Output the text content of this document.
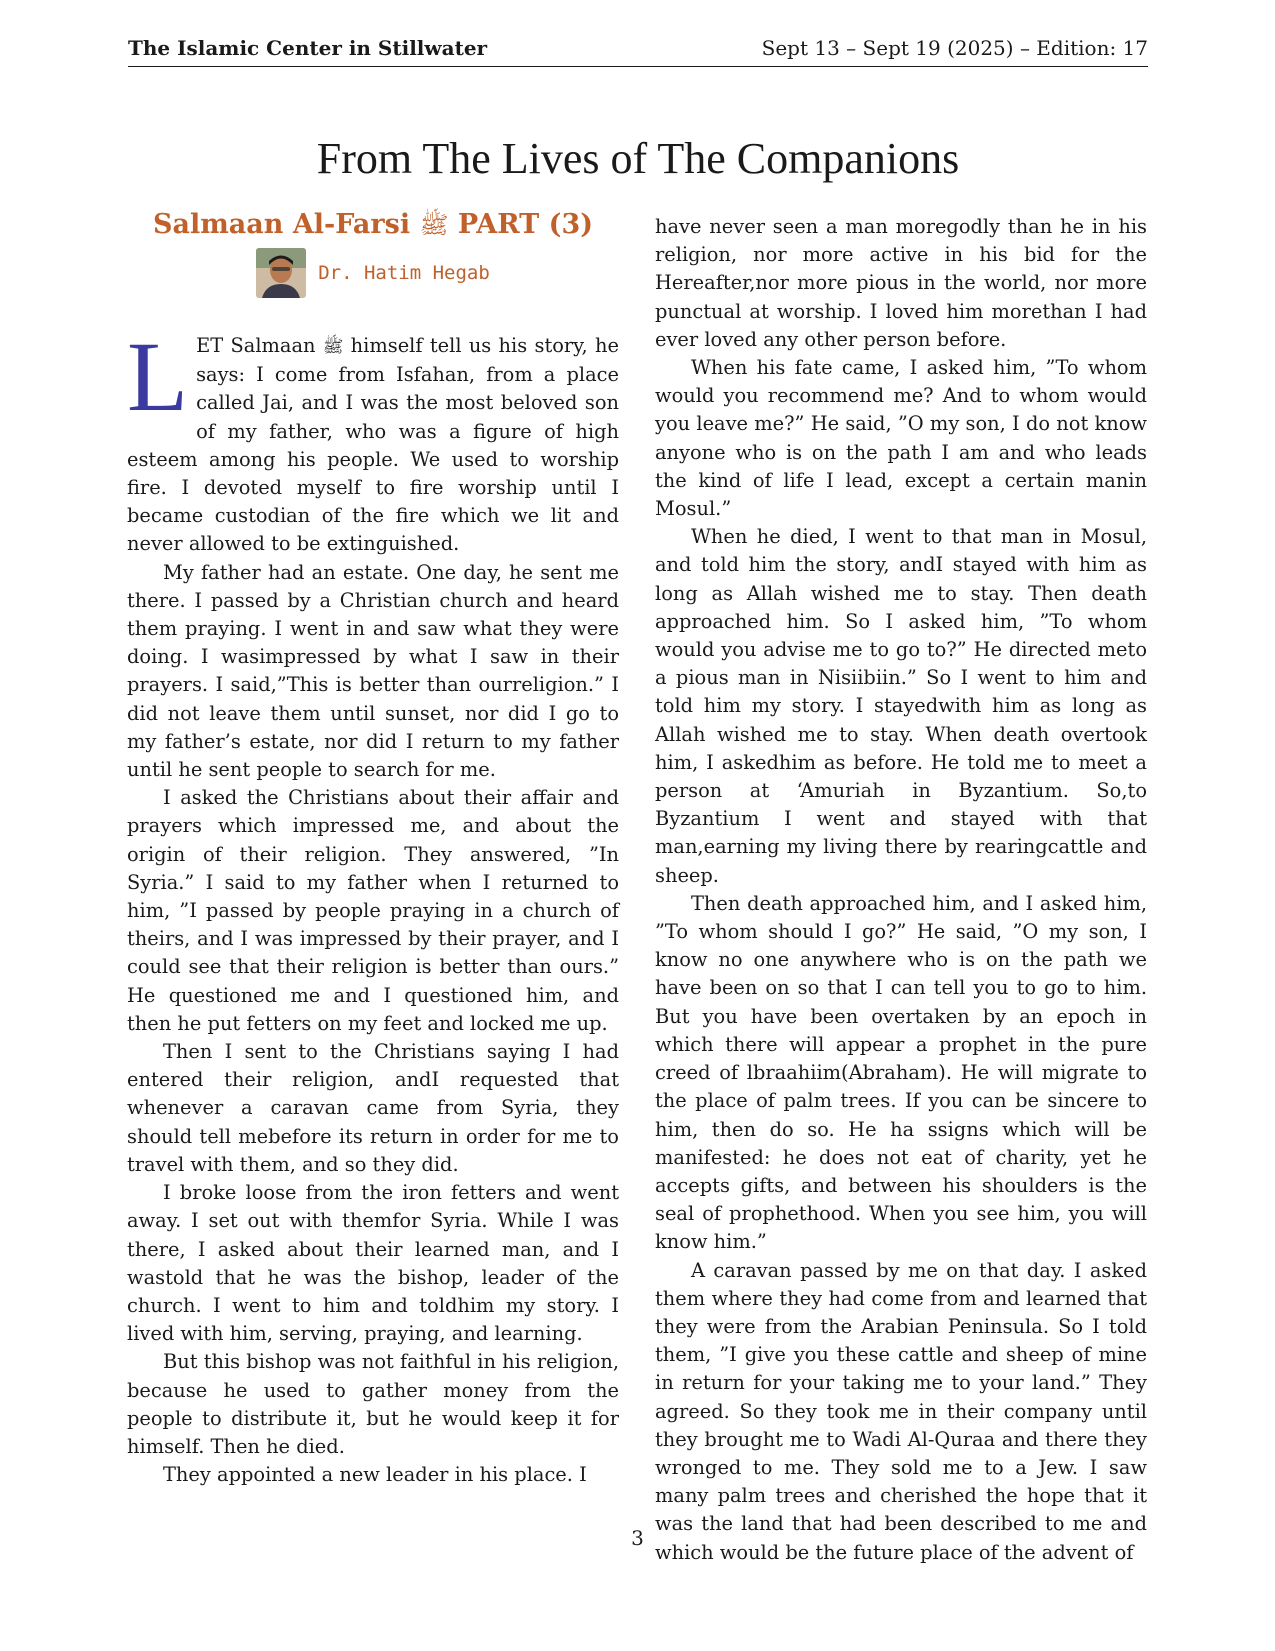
The Islamic Center in Stillwater	Sept 13 – Sept 19 (2025) – Edition: 17
From The Lives of The Companions
Salmaan Al-Farsi ﷺ PART (3)
Dr. Hatim Hegab

LET Salmaan ﷺ himself tell us his story, he says: I come from Isfahan, from a place called Jai, and I was the most beloved son of my father, who was a figure of high esteem among his people. We used to worship fire. I devoted myself to fire worship until I became custodian of the fire which we lit and never allowed to be extinguished.

My father had an estate. One day, he sent me there. I passed by a Christian church and heard them praying. I went in and saw what they were doing. I wasimpressed by what I saw in their prayers. I said,”This is better than ourreligion.” I did not leave them until sunset, nor did I go to my father’s estate, nor did I return to my father until he sent people to search for me.

I asked the Christians about their affair and prayers which impressed me, and about the origin of their religion. They answered, ”In Syria.” I said to my father when I returned to him, ”I passed by people praying in a church of theirs, and I was impressed by their prayer, and I could see that their religion is better than ours.” He questioned me and I questioned him, and then he put fetters on my feet and locked me up.

Then I sent to the Christians saying I had entered their religion, andI requested that whenever a caravan came from Syria, they should tell mebefore its return in order for me to travel with them, and so they did.

I broke loose from the iron fetters and went away. I set out with themfor Syria. While I was there, I asked about their learned man, and I wastold that he was the bishop, leader of the church. I went to him and toldhim my story. I lived with him, serving, praying, and learning.

But this bishop was not faithful in his religion, because he used to gather money from the people to distribute it, but he would keep it for himself. Then he died.

They appointed a new leader in his place. I

have never seen a man moregodly than he in his religion, nor more active in his bid for the Hereafter,nor more pious in the world, nor more punctual at worship. I loved him morethan I had ever loved any other person before.

When his fate came, I asked him, ”To whom would you recommend me? And to whom would you leave me?” He said, ”O my son, I do not know anyone who is on the path I am and who leads the kind of life I lead, except a certain manin Mosul.”

When he died, I went to that man in Mosul, and told him the story, andI stayed with him as long as Allah wished me to stay. Then death approached him. So I asked him, ”To whom would you advise me to go to?” He directed meto a pious man in Nisiibiin.” So I went to him and told him my story. I stayedwith him as long as Allah wished me to stay. When death overtook him, I askedhim as before. He told me to meet a person at ‘Amuriah in Byzantium. So,to Byzantium I went and stayed with that man,earning my living there by rearingcattle and sheep.

Then death approached him, and I asked him, ”To whom should I go?” He said, ”O my son, I know no one anywhere who is on the path we have been on so that I can tell you to go to him. But you have been overtaken by an epoch in which there will appear a prophet in the pure creed of lbraahiim(Abraham). He will migrate to the place of palm trees. If you can be sincere to him, then do so. He ha ssigns which will be manifested: he does not eat of charity, yet he accepts gifts, and between his shoulders is the seal of prophethood. When you see him, you will know him.”

A caravan passed by me on that day. I asked them where they had come from and learned that they were from the Arabian Peninsula. So I told them, ”I give you these cattle and sheep of mine in return for your taking me to your land.” They agreed. So they took me in their company until they brought me to Wadi Al-Quraa and there they wronged to me. They sold me to a Jew. I saw many palm trees and cherished the hope that it was the land that had been described to me and which would be the future place of the advent of

3
